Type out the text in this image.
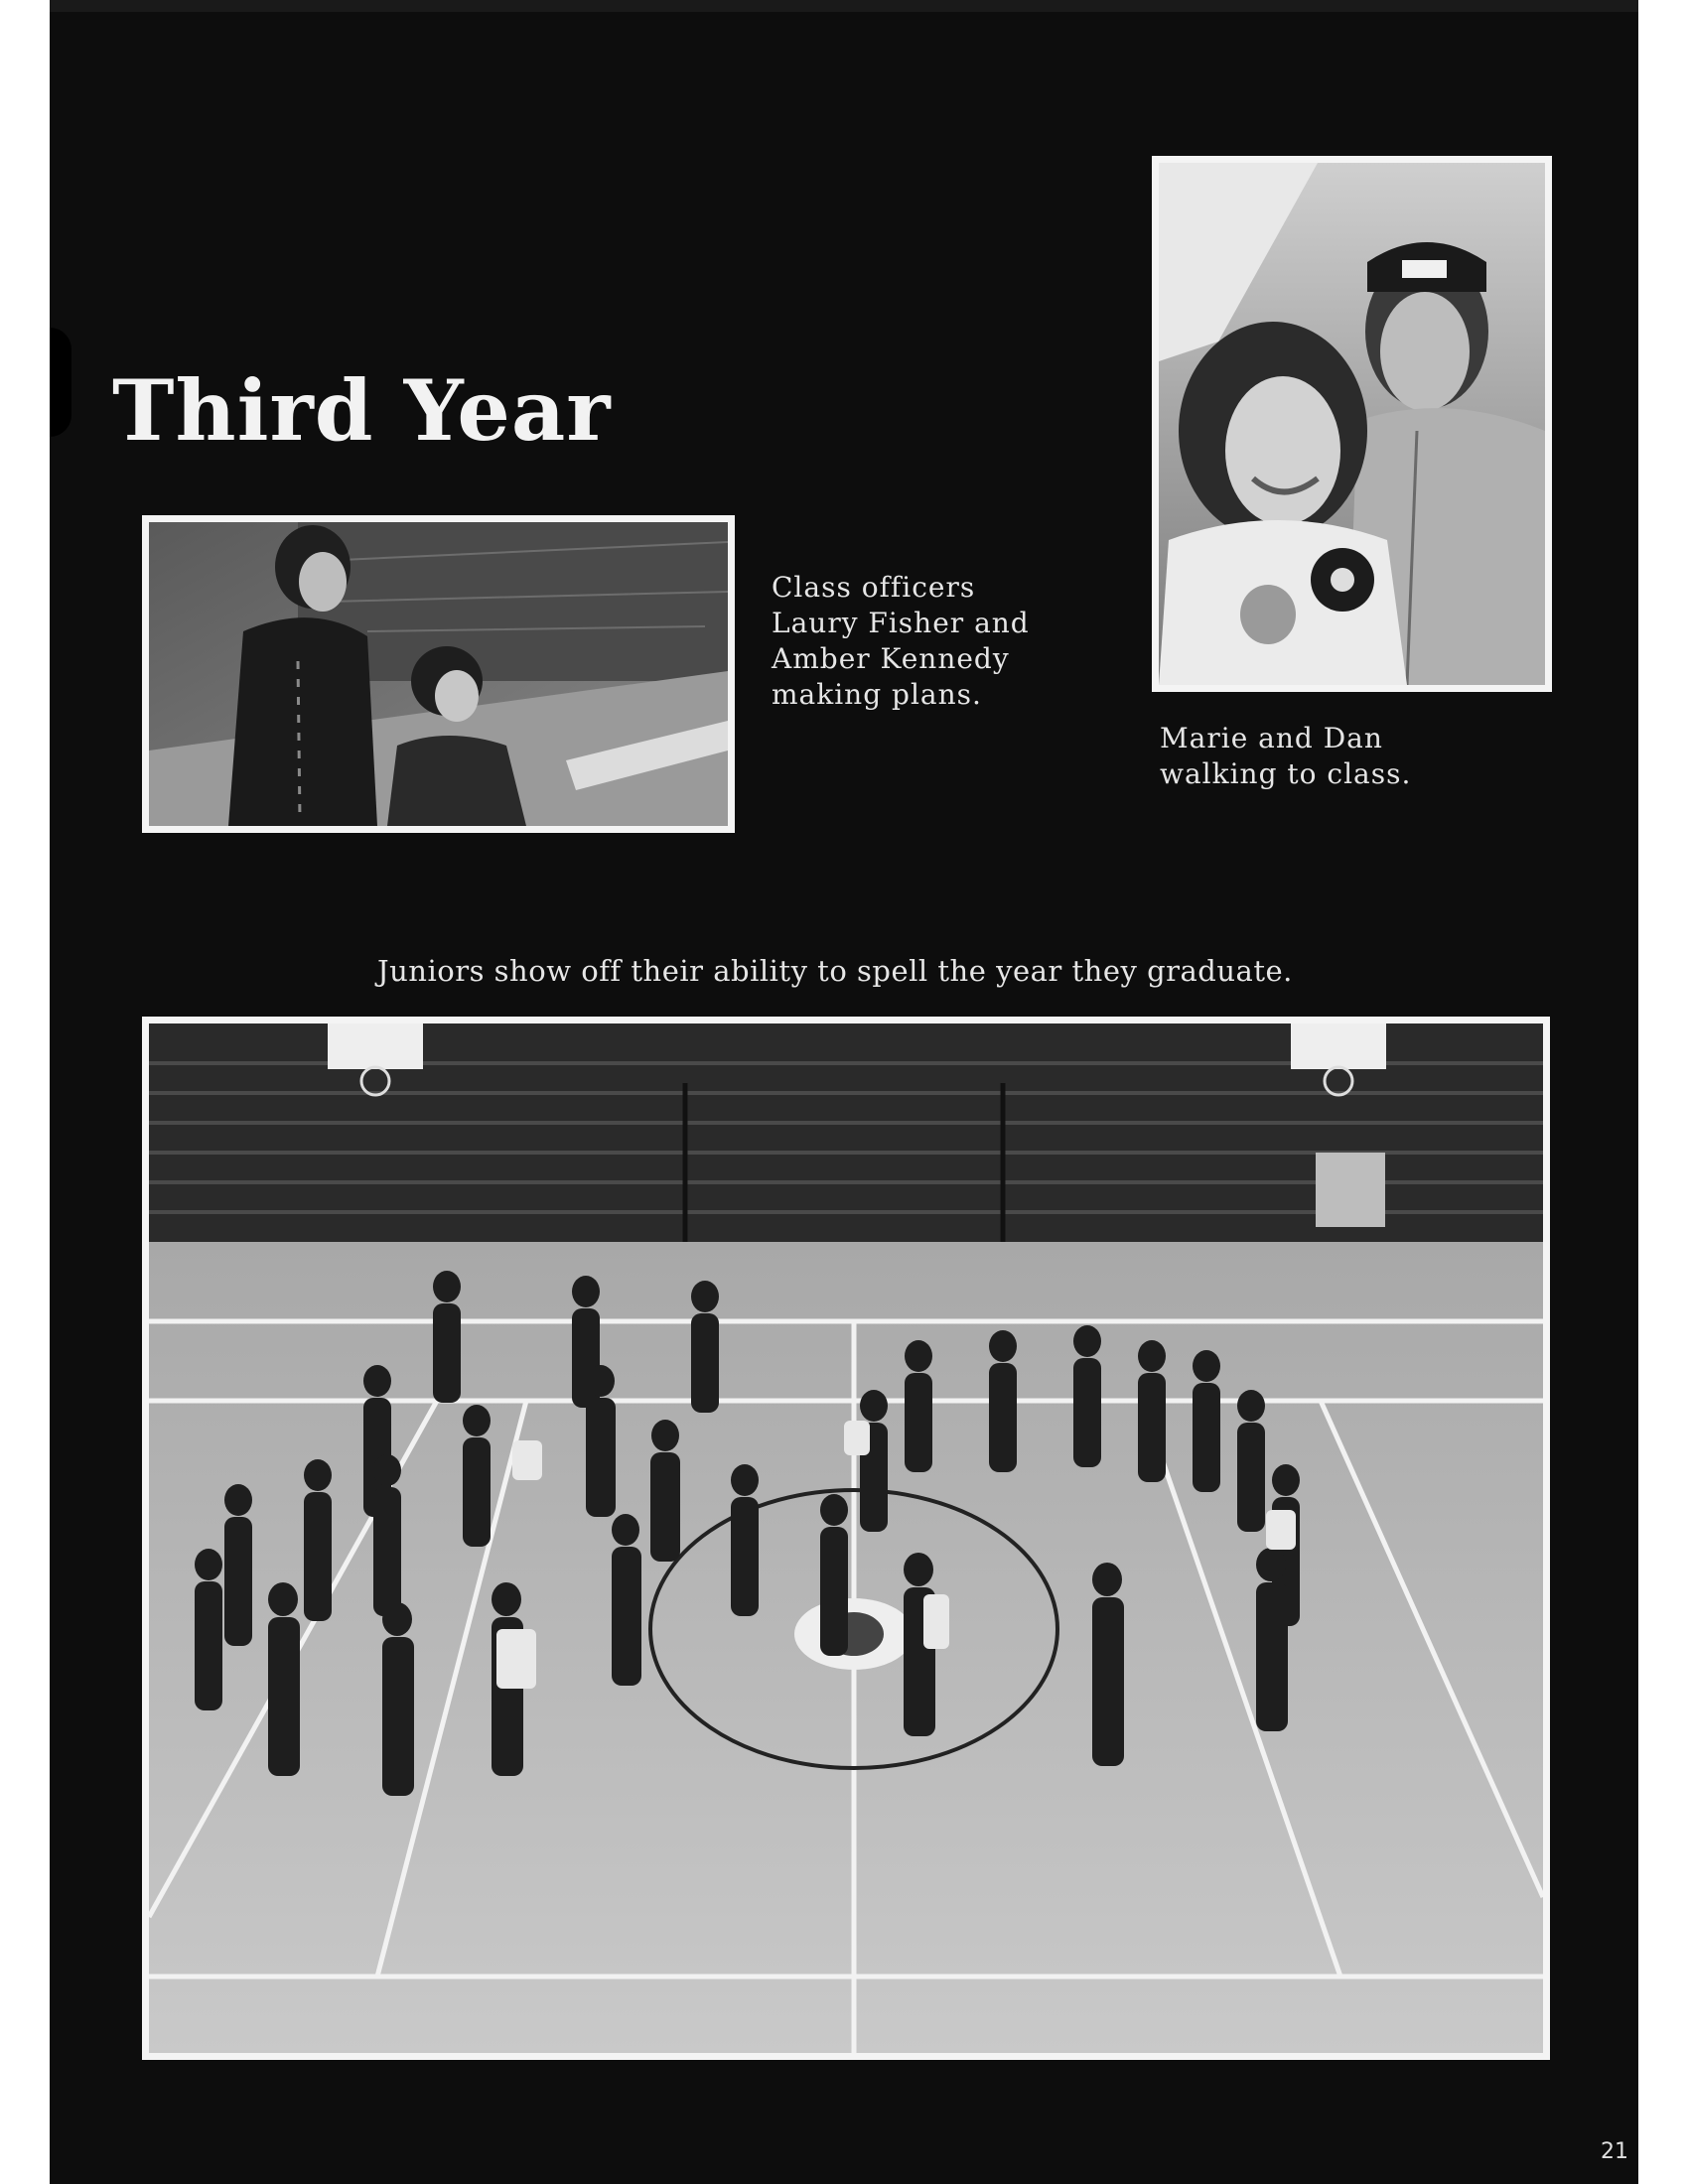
Third Year
Class officers
Laury Fisher and
Amber Kennedy
making plans.
Marie and Dan
walking to class.
Juniors show off their ability to spell the year they graduate.
21
